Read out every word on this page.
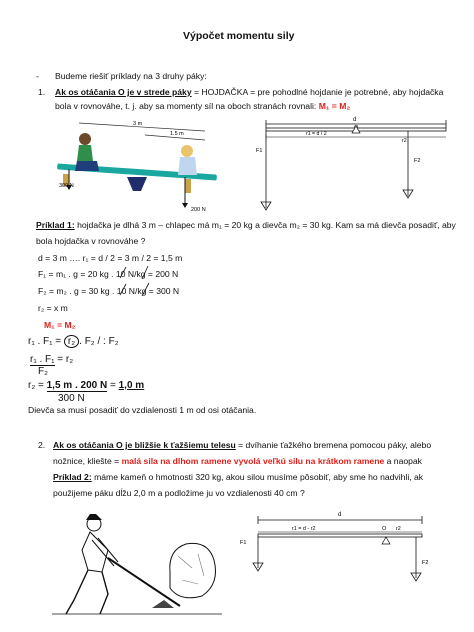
Výpočet momentu sily
- Budeme riešiť príklady na 3 druhy páky:
1. Ak os otáčania O je v strede páky = HOJDAČKA = pre pohodlné hojdanie je potrebné, aby hojdačka
bola v rovnováhe, t. j. aby sa momenty síl na oboch stranách rovnali: M₁ = M₂
3 m
1.5 m
300 N
200 N
d
r1 = d / 2
r2
F1
F2
Príklad 1: hojdačka je dlhá 3 m – chlapec má m₁ = 20 kg a dievča m₂ = 30 kg. Kam sa má dievča posadiť, aby
bola hojdačka v rovnováhe ?
d = 3 m …. r₁ = d / 2 = 3 m / 2 = 1,5 m
F₁ = m₁ . g = 20 kg . 10 N/kg = 200 N
F₂ = m₂ . g = 30 kg . 10 N/kg = 300 N
r₂ = x m
M₁ = M₂
r₁ . F₁ = r₂ . F₂ / : F₂
r₁ . F₁ = r₂
F₂
r₂ = 1,5 m . 200 N = 1,0 m
300 N
Dievča sa musí posadiť do vzdialenosti 1 m od osi otáčania.
2. Ak os otáčania O je bližšie k ťažšiemu telesu = dvíhanie ťažkého bremena pomocou páky, alebo
nožnice, kliešte = malá sila na dlhom ramene vyvolá veľkú silu na krátkom ramene a naopak
Príklad 2: máme kameň o hmotnosti 320 kg, akou silou musíme pôsobiť, aby sme ho nadvihli, ak
použijeme páku dĺžu 2,0 m a podložime ju vo vzdialenosti 40 cm ?
d
r1 = d - r2	O r2
F1
F2
